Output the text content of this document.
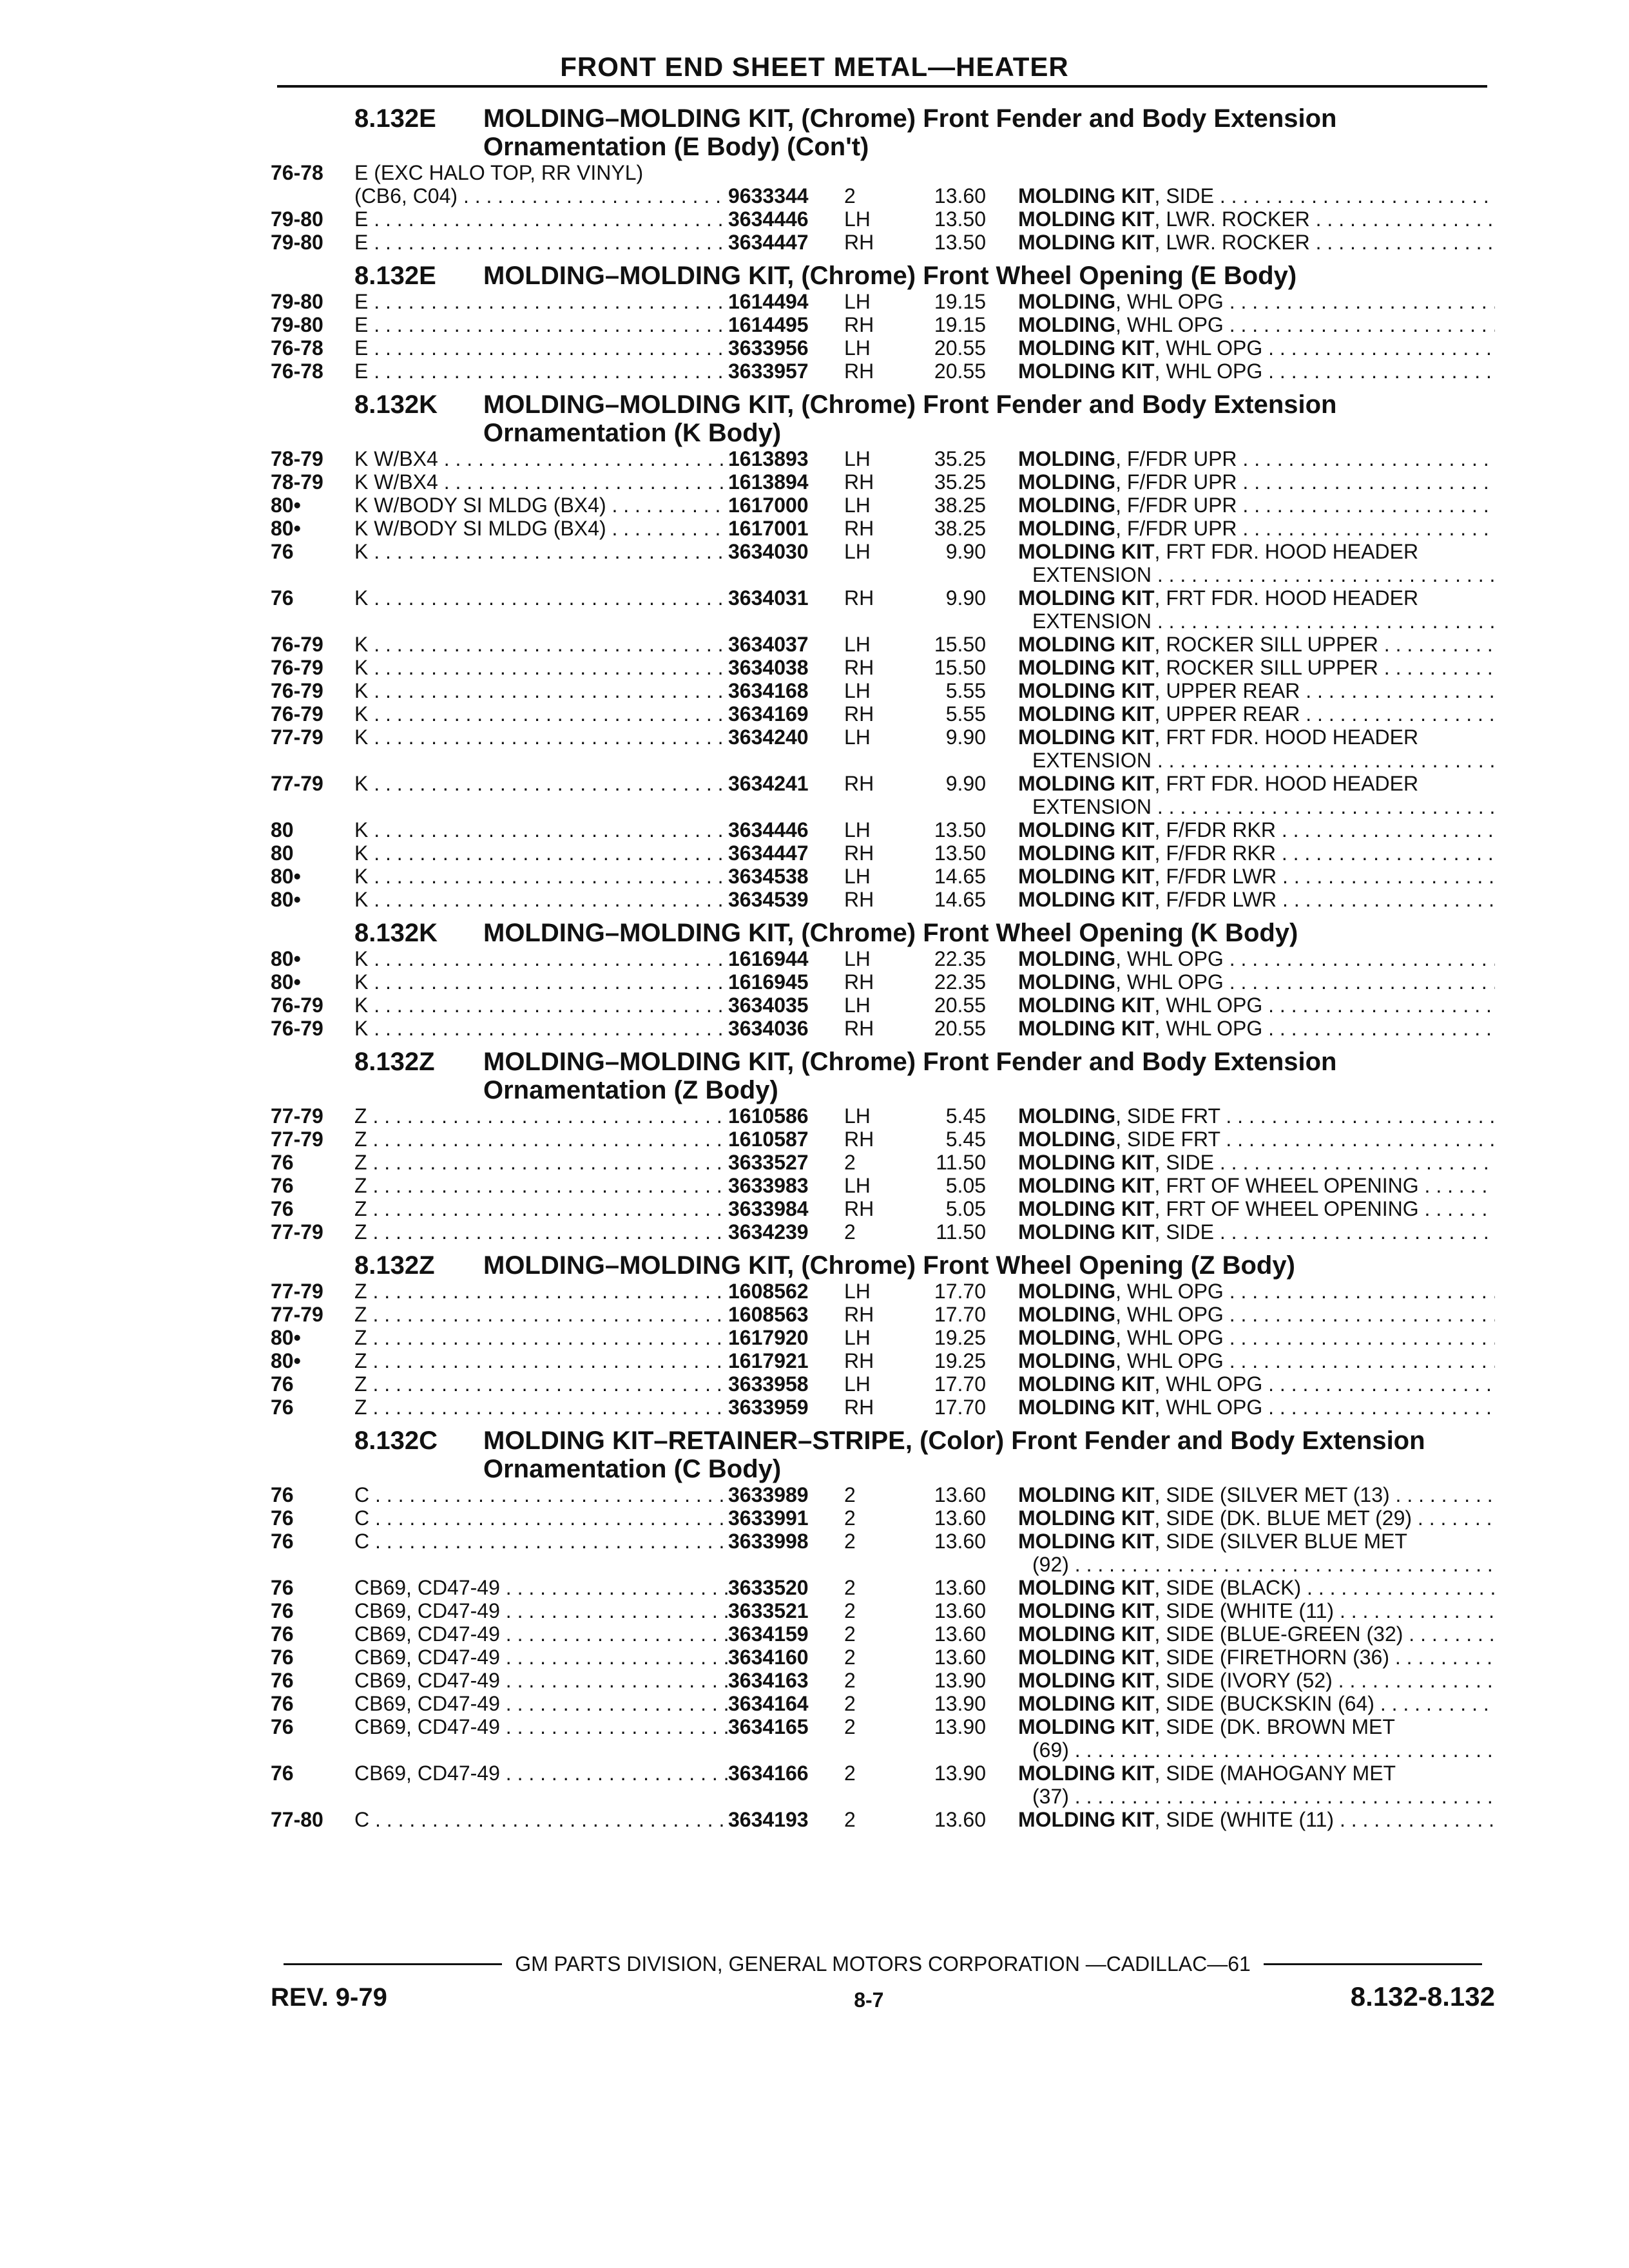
FRONT END SHEET METAL—HEATER
8.132E	MOLDING–MOLDING KIT, (Chrome) Front Fender and Body Extension Ornamentation (E Body) (Con't)
76-78	E (EXC HALO TOP, RR VINYL)
(CB6, C04) . . .	9633344	2	13.60	MOLDING KIT, SIDE . . .
79-80	E . . .	3634446	LH	13.50	MOLDING KIT, LWR. ROCKER . . .
79-80	E . . .	3634447	RH	13.50	MOLDING KIT, LWR. ROCKER . . .
8.132E	MOLDING–MOLDING KIT, (Chrome) Front Wheel Opening (E Body)
79-80	E . . .	1614494	LH	19.15	MOLDING, WHL OPG . . .
79-80	E . . .	1614495	RH	19.15	MOLDING, WHL OPG . . .
76-78	E . . .	3633956	LH	20.55	MOLDING KIT, WHL OPG . . .
76-78	E . . .	3633957	RH	20.55	MOLDING KIT, WHL OPG . . .
8.132K	MOLDING–MOLDING KIT, (Chrome) Front Fender and Body Extension Ornamentation (K Body)
78-79	K W/BX4 . . .	1613893	LH	35.25	MOLDING, F/FDR UPR . . .
78-79	K W/BX4 . . .	1613894	RH	35.25	MOLDING, F/FDR UPR . . .
80•	K W/BODY SI MLDG (BX4) . . .	1617000	LH	38.25	MOLDING, F/FDR UPR . . .
80•	K W/BODY SI MLDG (BX4) . . .	1617001	RH	38.25	MOLDING, F/FDR UPR . . .
76	K . . .	3634030	LH	9.90	MOLDING KIT, FRT FDR. HOOD HEADER
EXTENSION . . .
76	K . . .	3634031	RH	9.90	MOLDING KIT, FRT FDR. HOOD HEADER
EXTENSION . . .
76-79	K . . .	3634037	LH	15.50	MOLDING KIT, ROCKER SILL UPPER . . .
76-79	K . . .	3634038	RH	15.50	MOLDING KIT, ROCKER SILL UPPER . . .
76-79	K . . .	3634168	LH	5.55	MOLDING KIT, UPPER REAR . . .
76-79	K . . .	3634169	RH	5.55	MOLDING KIT, UPPER REAR . . .
77-79	K . . .	3634240	LH	9.90	MOLDING KIT, FRT FDR. HOOD HEADER
EXTENSION . . .
77-79	K . . .	3634241	RH	9.90	MOLDING KIT, FRT FDR. HOOD HEADER
EXTENSION . . .
80	K . . .	3634446	LH	13.50	MOLDING KIT, F/FDR RKR . . .
80	K . . .	3634447	RH	13.50	MOLDING KIT, F/FDR RKR . . .
80•	K . . .	3634538	LH	14.65	MOLDING KIT, F/FDR LWR . . .
80•	K . . .	3634539	RH	14.65	MOLDING KIT, F/FDR LWR . . .
8.132K	MOLDING–MOLDING KIT, (Chrome) Front Wheel Opening (K Body)
80•	K . . .	1616944	LH	22.35	MOLDING, WHL OPG . . .
80•	K . . .	1616945	RH	22.35	MOLDING, WHL OPG . . .
76-79	K . . .	3634035	LH	20.55	MOLDING KIT, WHL OPG . . .
76-79	K . . .	3634036	RH	20.55	MOLDING KIT, WHL OPG . . .
8.132Z	MOLDING–MOLDING KIT, (Chrome) Front Fender and Body Extension Ornamentation (Z Body)
77-79	Z . . .	1610586	LH	5.45	MOLDING, SIDE FRT . . .
77-79	Z . . .	1610587	RH	5.45	MOLDING, SIDE FRT . . .
76	Z . . .	3633527	2	11.50	MOLDING KIT, SIDE . . .
76	Z . . .	3633983	LH	5.05	MOLDING KIT, FRT OF WHEEL OPENING . . .
76	Z . . .	3633984	RH	5.05	MOLDING KIT, FRT OF WHEEL OPENING . . .
77-79	Z . . .	3634239	2	11.50	MOLDING KIT, SIDE . . .
8.132Z	MOLDING–MOLDING KIT, (Chrome) Front Wheel Opening (Z Body)
77-79	Z . . .	1608562	LH	17.70	MOLDING, WHL OPG . . .
77-79	Z . . .	1608563	RH	17.70	MOLDING, WHL OPG . . .
80•	Z . . .	1617920	LH	19.25	MOLDING, WHL OPG . . .
80•	Z . . .	1617921	RH	19.25	MOLDING, WHL OPG . . .
76	Z . . .	3633958	LH	17.70	MOLDING KIT, WHL OPG . . .
76	Z . . .	3633959	RH	17.70	MOLDING KIT, WHL OPG . . .
8.132C	MOLDING KIT–RETAINER–STRIPE, (Color) Front Fender and Body Extension Ornamentation (C Body)
76	C . . .	3633989	2	13.60	MOLDING KIT, SIDE (SILVER MET (13) . . .
76	C . . .	3633991	2	13.60	MOLDING KIT, SIDE (DK. BLUE MET (29) . . .
76	C . . .	3633998	2	13.60	MOLDING KIT, SIDE (SILVER BLUE MET
(92) . . .
76	CB69, CD47-49 . . .	3633520	2	13.60	MOLDING KIT, SIDE (BLACK) . . .
76	CB69, CD47-49 . . .	3633521	2	13.60	MOLDING KIT, SIDE (WHITE (11) . . .
76	CB69, CD47-49 . . .	3634159	2	13.60	MOLDING KIT, SIDE (BLUE-GREEN (32) . . .
76	CB69, CD47-49 . . .	3634160	2	13.60	MOLDING KIT, SIDE (FIRETHORN (36) . . .
76	CB69, CD47-49 . . .	3634163	2	13.90	MOLDING KIT, SIDE (IVORY (52) . . .
76	CB69, CD47-49 . . .	3634164	2	13.90	MOLDING KIT, SIDE (BUCKSKIN (64) . . .
76	CB69, CD47-49 . . .	3634165	2	13.90	MOLDING KIT, SIDE (DK. BROWN MET
(69) . . .
76	CB69, CD47-49 . . .	3634166	2	13.90	MOLDING KIT, SIDE (MAHOGANY MET
(37) . . .
77-80	C . . .	3634193	2	13.60	MOLDING KIT, SIDE (WHITE (11) . . .
GM PARTS DIVISION, GENERAL MOTORS CORPORATION —CADILLAC—61
REV. 9-79	8-7	8.132-8.132
